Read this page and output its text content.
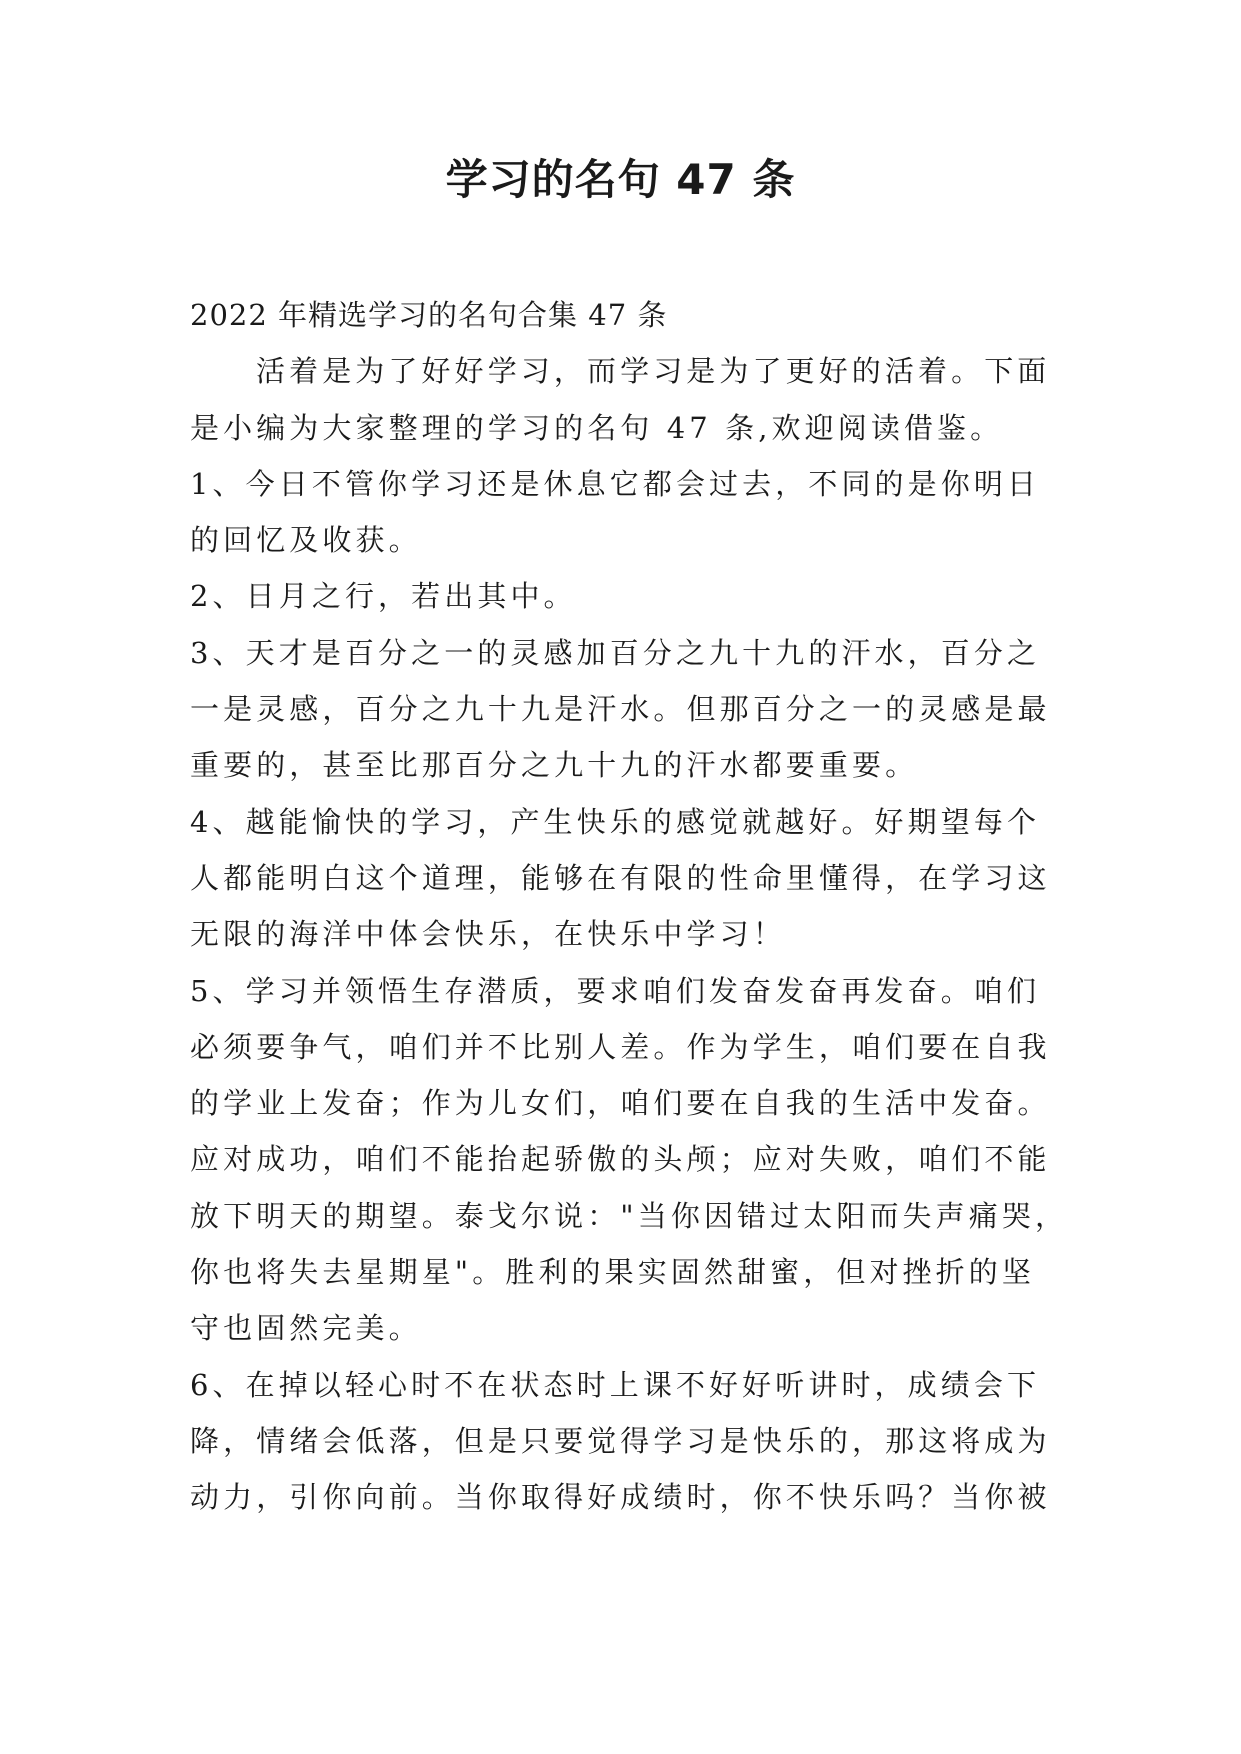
学习的名句 47 条

2022 年精选学习的名句合集 47 条

活着是为了好好学习，而学习是为了更好的活着。下面

是小编为大家整理的学习的名句 47 条,欢迎阅读借鉴。

1、今日不管你学习还是休息它都会过去，不同的是你明日

的回忆及收获。

2、日月之行，若出其中。

3、天才是百分之一的灵感加百分之九十九的汗水，百分之

一是灵感，百分之九十九是汗水。但那百分之一的灵感是最

重要的，甚至比那百分之九十九的汗水都要重要。

4、越能愉快的学习，产生快乐的感觉就越好。好期望每个

人都能明白这个道理，能够在有限的性命里懂得，在学习这

无限的海洋中体会快乐，在快乐中学习！

5、学习并领悟生存潜质，要求咱们发奋发奋再发奋。咱们

必须要争气，咱们并不比别人差。作为学生，咱们要在自我

的学业上发奋；作为儿女们，咱们要在自我的生活中发奋。

应对成功，咱们不能抬起骄傲的头颅；应对失败，咱们不能

放下明天的期望。泰戈尔说："当你因错过太阳而失声痛哭，

你也将失去星期星"。胜利的果实固然甜蜜，但对挫折的坚

守也固然完美。

6、在掉以轻心时不在状态时上课不好好听讲时，成绩会下

降，情绪会低落，但是只要觉得学习是快乐的，那这将成为

动力，引你向前。当你取得好成绩时，你不快乐吗？当你被
